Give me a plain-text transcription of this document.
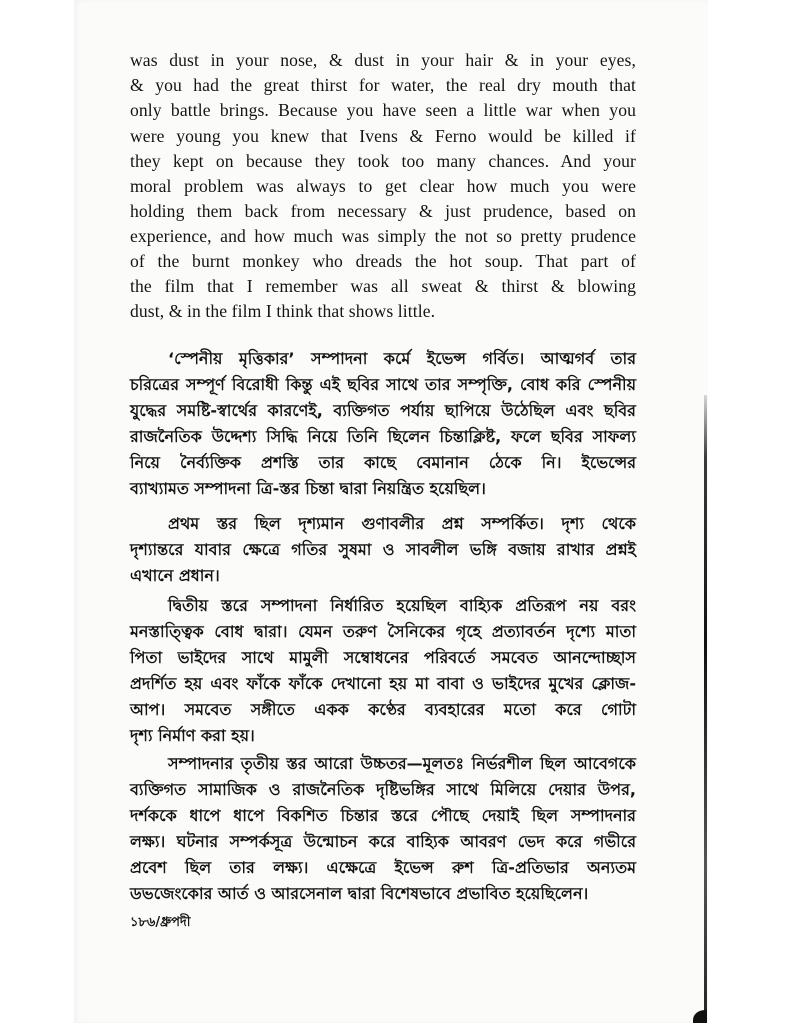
was dust in your nose, & dust in your hair & in your eyes,
& you had the great thirst for water, the real dry mouth that
only battle brings. Because you have seen a little war when you
were young you knew that Ivens & Ferno would be killed if
they kept on because they took too many chances. And your
moral problem was always to get clear how much you were
holding them back from necessary & just prudence, based on
experience, and how much was simply the not so pretty prudence
of the burnt monkey who dreads the hot soup. That part of
the film that I remember was all sweat & thirst & blowing
dust, & in the film I think that shows little.
‘স্পেনীয় মৃত্তিকার’ সম্পাদনা কর্মে ইভেন্স গর্বিত। আত্মগর্ব তার
চরিত্রের সম্পূর্ণ বিরোধী কিন্তু এই ছবির সাথে তার সম্পৃক্তি, বোধ করি স্পেনীয়
যুদ্ধের সমষ্টি-স্বার্থের কারণেই, ব্যক্তিগত পর্যায় ছাপিয়ে উঠেছিল এবং ছবির
রাজনৈতিক উদ্দেশ্য সিদ্ধি নিয়ে তিনি ছিলেন চিন্তাক্লিষ্ট, ফলে ছবির সাফল্য
নিয়ে নৈর্ব্যক্তিক প্রশস্তি তার কাছে বেমানান ঠেকে নি। ইভেন্সের
ব্যাখ্যামত সম্পাদনা ত্রি-স্তর চিন্তা দ্বারা নিয়ন্ত্রিত হয়েছিল।
প্রথম স্তর ছিল দৃশ্যমান গুণাবলীর প্রশ্ন সম্পর্কিত। দৃশ্য থেকে
দৃশ্যান্তরে যাবার ক্ষেত্রে গতির সুষমা ও সাবলীল ভঙ্গি বজায় রাখার প্রশ্নই
এখানে প্রধান।
দ্বিতীয় স্তরে সম্পাদনা নির্ধারিত হয়েছিল বাহ্যিক প্রতিরূপ নয় বরং
মনস্তাত্ত্বিক বোধ দ্বারা। যেমন তরুণ সৈনিকের গৃহে প্রত্যাবর্তন দৃশ্যে মাতা
পিতা ভাইদের সাথে মামুলী সম্বোধনের পরিবর্তে সমবেত আনন্দোচ্ছাস
প্রদর্শিত হয় এবং ফাঁকে ফাঁকে দেখানো হয় মা বাবা ও ভাইদের মুখের ক্লোজ-
আপ। সমবেত সঙ্গীতে একক কণ্ঠের ব্যবহারের মতো করে গোটা
দৃশ্য নির্মাণ করা হয়।
সম্পাদনার তৃতীয় স্তর আরো উচ্চতর—মূলতঃ নির্ভরশীল ছিল আবেগকে
ব্যক্তিগত সামাজিক ও রাজনৈতিক দৃষ্টিভঙ্গির সাথে মিলিয়ে দেয়ার উপর,
দর্শককে ধাপে ধাপে বিকশিত চিন্তার স্তরে পৌছে দেয়াই ছিল সম্পাদনার
লক্ষ্য। ঘটনার সম্পর্কসূত্র উন্মোচন করে বাহ্যিক আবরণ ভেদ করে গভীরে
প্রবেশ ছিল তার লক্ষ্য। এক্ষেত্রে ইভেন্স রুশ ত্রি-প্রতিভার অন্যতম
ডভজেংকোর আর্ত ও আরসেনাল দ্বারা বিশেষভাবে প্রভাবিত হয়েছিলেন।
১৮৬/ধ্রুপদী
